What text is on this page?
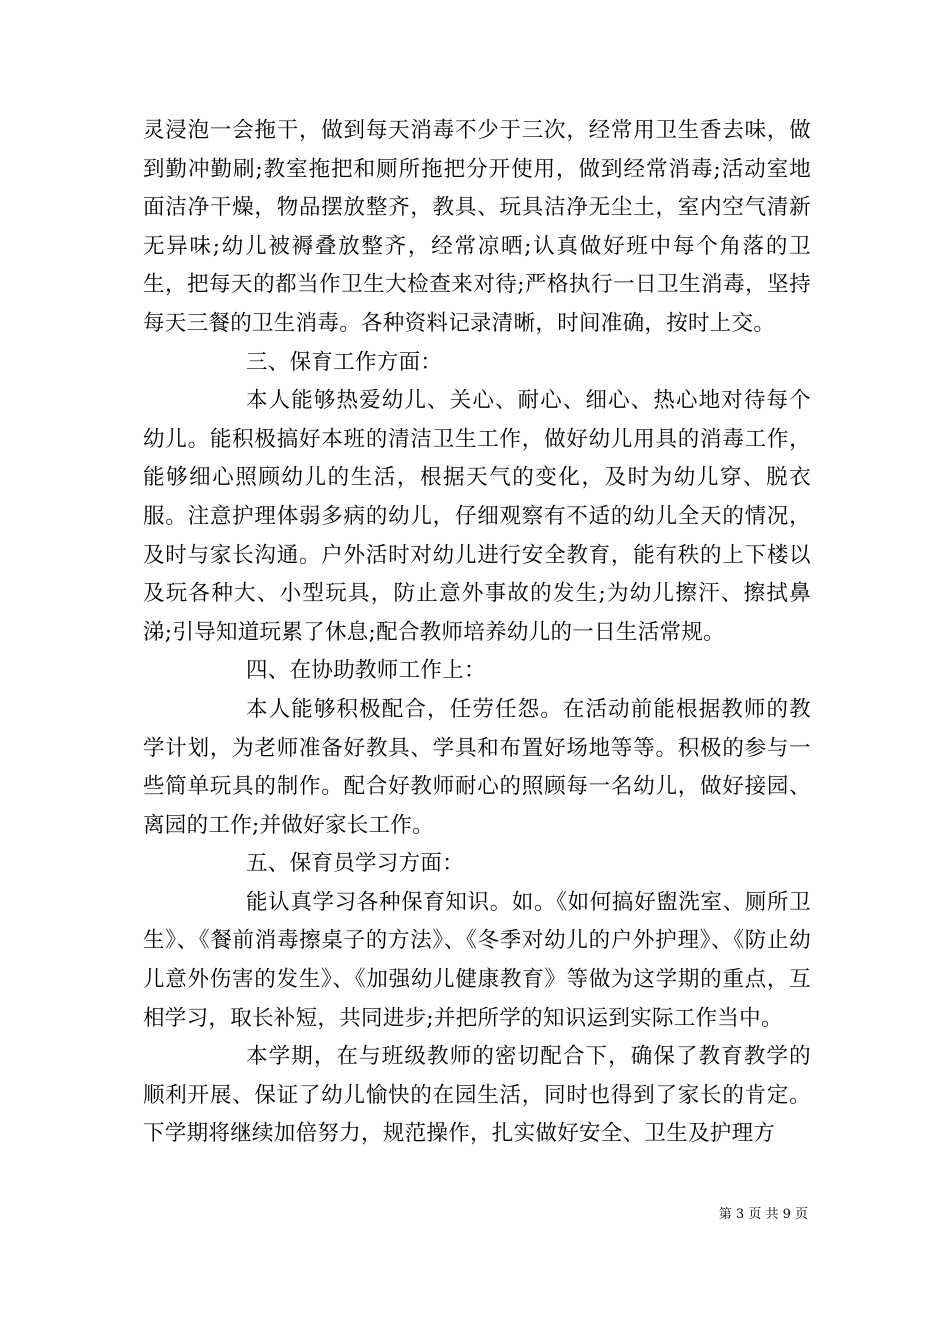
灵浸泡一会拖干，做到每天消毒不少于三次，经常用卫生香去味，做到勤冲勤刷;教室拖把和厕所拖把分开使用，做到经常消毒;活动室地面洁净干燥，物品摆放整齐，教具、玩具洁净无尘土，室内空气清新无异味;幼儿被褥叠放整齐，经常凉晒;认真做好班中每个角落的卫生，把每天的都当作卫生大检查来对待;严格执行一日卫生消毒，坚持每天三餐的卫生消毒。各种资料记录清晰，时间准确，按时上交。

三、保育工作方面：

本人能够热爱幼儿、关心、耐心、细心、热心地对待每个幼儿。能积极搞好本班的清洁卫生工作，做好幼儿用具的消毒工作，能够细心照顾幼儿的生活，根据天气的变化，及时为幼儿穿、脱衣服。注意护理体弱多病的幼儿，仔细观察有不适的幼儿全天的情况，及时与家长沟通。户外活时对幼儿进行安全教育，能有秩的上下楼以及玩各种大、小型玩具，防止意外事故的发生;为幼儿擦汗、擦拭鼻涕;引导知道玩累了休息;配合教师培养幼儿的一日生活常规。

四、在协助教师工作上：

本人能够积极配合，任劳任怨。在活动前能根据教师的教学计划，为老师准备好教具、学具和布置好场地等等。积极的参与一些简单玩具的制作。配合好教师耐心的照顾每一名幼儿，做好接园、离园的工作;并做好家长工作。

五、保育员学习方面：

能认真学习各种保育知识。如。《如何搞好盥洗室、厕所卫生》、《餐前消毒擦桌子的方法》、《冬季对幼儿的户外护理》、《防止幼儿意外伤害的发生》、《加强幼儿健康教育》等做为这学期的重点，互相学习，取长补短，共同进步;并把所学的知识运到实际工作当中。

本学期，在与班级教师的密切配合下，确保了教育教学的顺利开展、保证了幼儿愉快的在园生活，同时也得到了家长的肯定。下学期将继续加倍努力，规范操作，扎实做好安全、卫生及护理方

第 3 页 共 9 页
